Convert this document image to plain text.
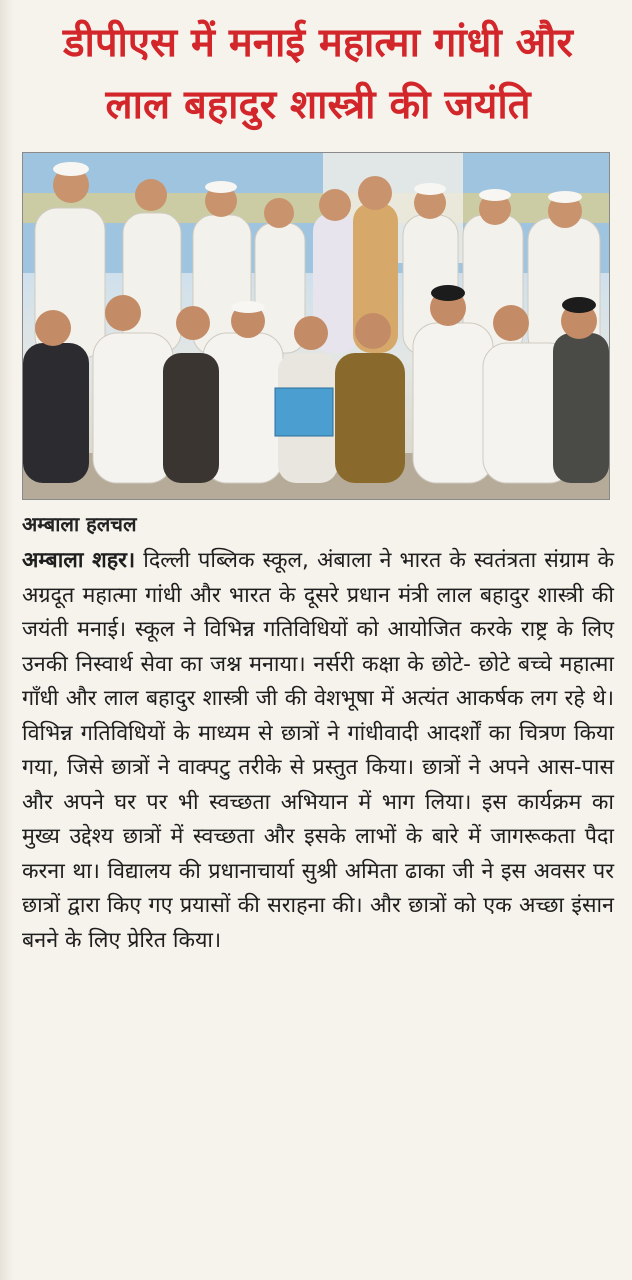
डीपीएस में मनाई महात्मा गांधी और
लाल बहादुर शास्त्री की जयंति
अम्बाला हलचल
अम्बाला शहर। दिल्ली पब्लिक स्कूल, अंबाला ने भारत के स्वतंत्रता संग्राम के अग्रदूत महात्मा गांधी और भारत के दूसरे प्रधान मंत्री लाल बहादुर शास्त्री की जयंती मनाई। स्कूल ने विभिन्न गतिविधियों को आयोजित करके राष्ट्र के लिए उनकी निस्वार्थ सेवा का जश्न मनाया। नर्सरी कक्षा के छोटे- छोटे बच्चे महात्मा गाँधी और लाल बहादुर शास्त्री जी की वेशभूषा में अत्यंत आकर्षक लग रहे थे। विभिन्न गतिविधियों के माध्यम से छात्रों ने गांधीवादी आदर्शों का चित्रण किया गया, जिसे छात्रों ने वाक्पटु तरीके से प्रस्तुत किया। छात्रों ने अपने आस-पास और अपने घर पर भी स्वच्छता अभियान में भाग लिया। इस कार्यक्रम का मुख्य उद्देश्य छात्रों में स्वच्छता और इसके लाभों के बारे में जागरूकता पैदा करना था। विद्यालय की प्रधानाचार्या सुश्री अमिता ढाका जी ने इस अवसर पर छात्रों द्वारा किए गए प्रयासों की सराहना की। और छात्रों को एक अच्छा इंसान बनने के लिए प्रेरित किया।
